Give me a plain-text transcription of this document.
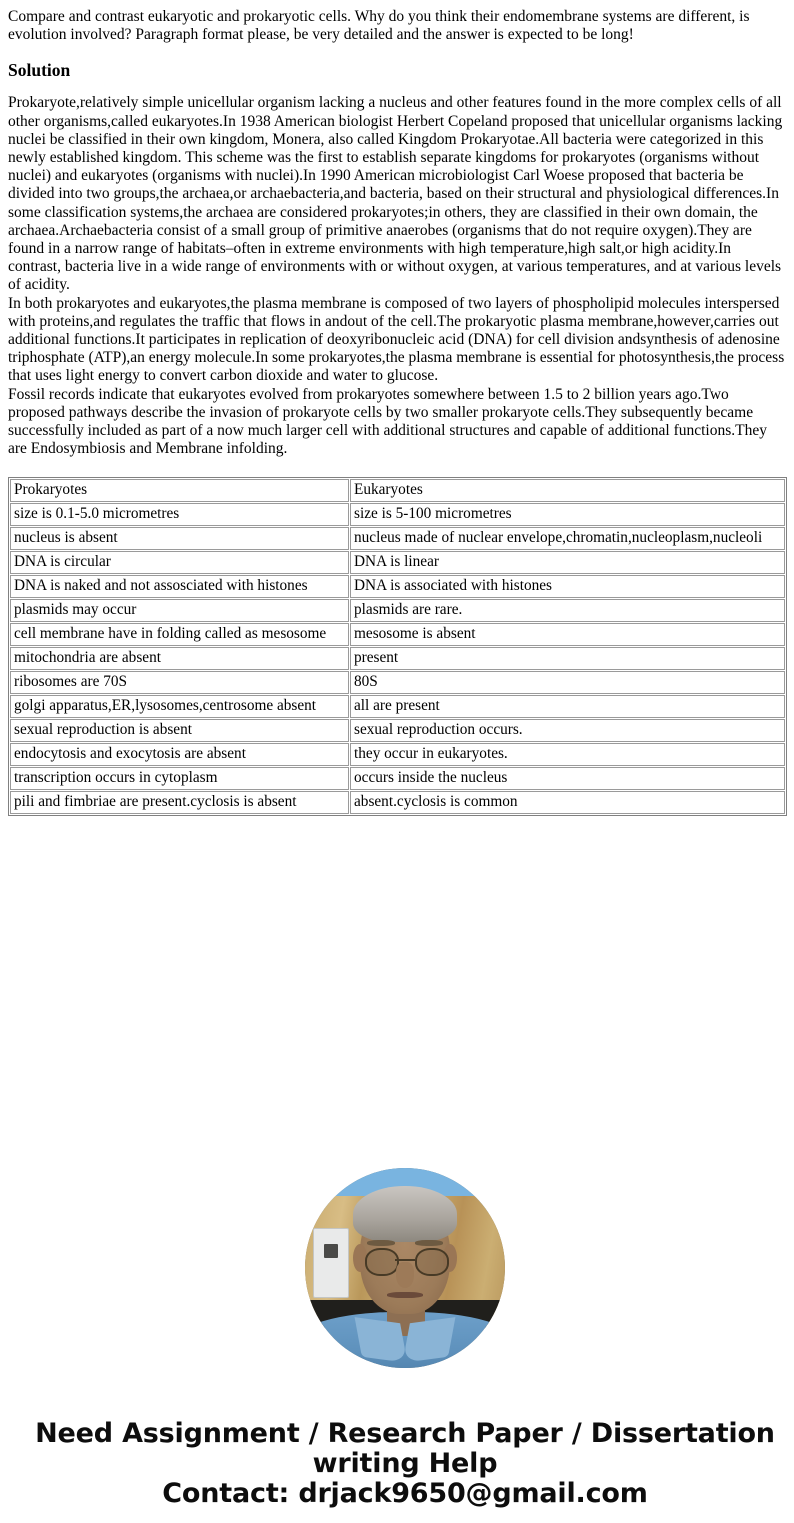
Compare and contrast eukaryotic and prokaryotic cells. Why do you think their endomembrane systems are different, is evolution involved? Paragraph format please, be very detailed and the answer is expected to be long!

Solution

Prokaryote,relatively simple unicellular organism lacking a nucleus and other features found in the more complex cells of all other organisms,called eukaryotes.In 1938 American biologist Herbert Copeland proposed that unicellular organisms lacking nuclei be classified in their own kingdom, Monera, also called Kingdom Prokaryotae.All bacteria were categorized in this newly established kingdom. This scheme was the first to establish separate kingdoms for prokaryotes (organisms without nuclei) and eukaryotes (organisms with nuclei).In 1990 American microbiologist Carl Woese proposed that bacteria be divided into two groups,the archaea,or archaebacteria,and bacteria, based on their structural and physiological differences.In some classification systems,the archaea are considered prokaryotes;in others, they are classified in their own domain, the archaea.Archaebacteria consist of a small group of primitive anaerobes (organisms that do not require oxygen).They are found in a narrow range of habitats–often in extreme environments with high temperature,high salt,or high acidity.In contrast, bacteria live in a wide range of environments with or without oxygen, at various temperatures, and at various levels of acidity.

In both prokaryotes and eukaryotes,the plasma membrane is composed of two layers of phospholipid molecules interspersed with proteins,and regulates the traffic that flows in andout of the cell.The prokaryotic plasma membrane,however,carries out additional functions.It participates in replication of deoxyribonucleic acid (DNA) for cell division andsynthesis of adenosine triphosphate (ATP),an energy molecule.In some prokaryotes,the plasma membrane is essential for photosynthesis,the process that uses light energy to convert carbon dioxide and water to glucose.

Fossil records indicate that eukaryotes evolved from prokaryotes somewhere between 1.5 to 2 billion years ago.Two proposed pathways describe the invasion of prokaryote cells by two smaller prokaryote cells.They subsequently became successfully included as part of a now much larger cell with additional structures and capable of additional functions.They are Endosymbiosis and Membrane infolding.

Prokaryotes	Eukaryotes
size is 0.1-5.0 micrometres	size is 5-100 micrometres
nucleus is absent	nucleus made of nuclear envelope,chromatin,nucleoplasm,nucleoli
DNA is circular	DNA is linear
DNA is naked and not assosciated with histones	DNA is associated with histones
plasmids may occur	plasmids are rare.
cell membrane have in folding called as mesosome	mesosome is absent
mitochondria are absent	present
ribosomes are 70S	80S
golgi apparatus,ER,lysosomes,centrosome absent	all are present
sexual reproduction is absent	sexual reproduction occurs.
endocytosis and exocytosis are absent	they occur in eukaryotes.
transcription occurs in cytoplasm	occurs inside the nucleus
pili and fimbriae are present.cyclosis is absent	absent.cyclosis is common
Need Assignment / Research Paper / Dissertation
writing Help
Contact: drjack9650@gmail.com
